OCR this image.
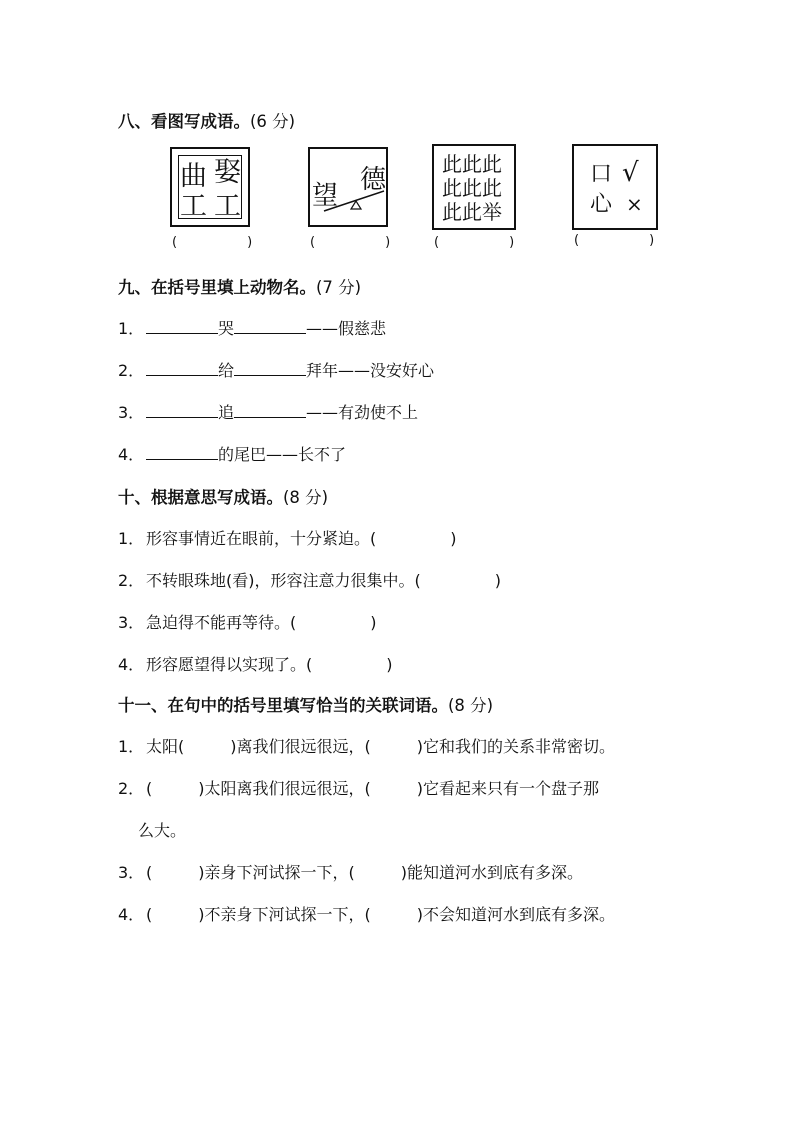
八、看图写成语。(6 分)
曲 娶
工 工	望
德
此此此
此此此
此此举
口 √
心 ×
(	)	(	)	(	)	(	)
九、在括号里填上动物名。(7 分)
1．	哭	——假慈悲
2．	给	拜年——没安好心
3．	追	——有劲使不上
4．	的尾巴——长不了
十、根据意思写成语。(8 分)
1． 形容事情近在眼前，十分紧迫。(	)
2． 不转眼珠地(看)，形容注意力很集中。(	)
3． 急迫得不能再等待。(	)
4． 形容愿望得以实现了。(	)
十一、在句中的括号里填写恰当的关联词语。(8 分)
1． 太阳(	)离我们很远很远，(	)它和我们的关系非常密切。
2． (	)太阳离我们很远很远，(	)它看起来只有一个盘子那
么大。
3． (	)亲身下河试探一下，(	)能知道河水到底有多深。
4． (	)不亲身下河试探一下，(	)不会知道河水到底有多深。
